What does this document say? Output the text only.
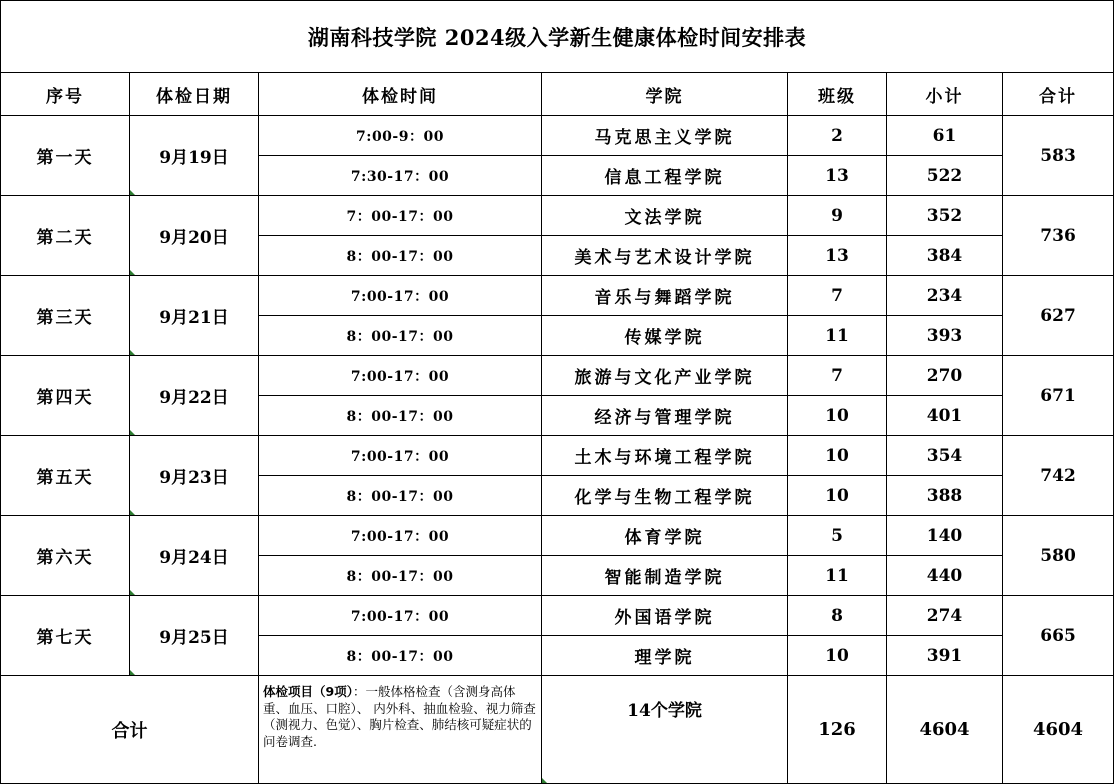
湖南科技学院 2024级入学新生健康体检时间安排表						
序号	体检日期	体检时间	学院	班级	小计	合计
第一天	9月19日	7:00-9：00	马克思主义学院	2	61	583
		7:30-17：00	信息工程学院	13	522	
第二天	9月20日	7：00-17：00	文法学院	9	352	736
		8：00-17：00	美术与艺术设计学院	13	384	
第三天	9月21日	7:00-17：00	音乐与舞蹈学院	7	234	627
		8：00-17：00	传媒学院	11	393	
第四天	9月22日	7:00-17：00	旅游与文化产业学院	7	270	671
		8：00-17：00	经济与管理学院	10	401	
第五天	9月23日	7:00-17：00	土木与环境工程学院	10	354	742
		8：00-17：00	化学与生物工程学院	10	388	
第六天	9月24日	7:00-17：00	体育学院	5	140	580
		8：00-17：00	智能制造学院	11	440	
第七天	9月25日	7:00-17：00	外国语学院	8	274	665
		8：00-17：00	理学院	10	391	
合计		体检项目（9项）：一般体格检查（含测身高体重、血压、口腔）、 内外科、抽血检验、视力筛查（测视力、色觉）、胸片检查、肺结核可疑症状的问卷调查.	14个学院	126	4604	4604
